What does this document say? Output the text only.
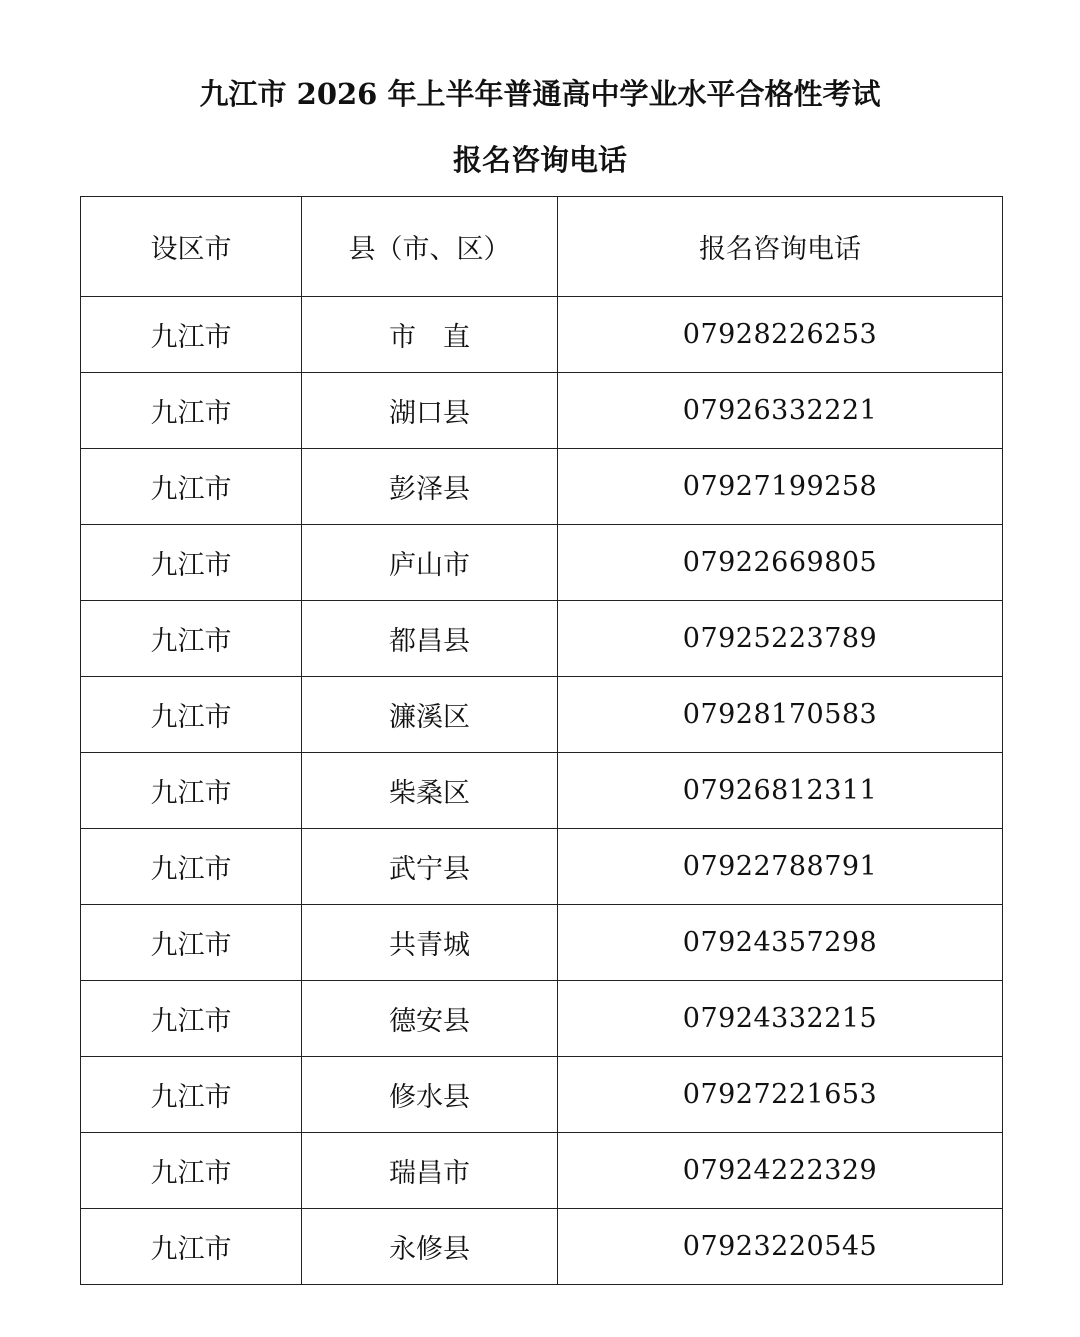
九江市 2026 年上半年普通高中学业水平合格性考试
报名咨询电话
设区市	县（市、区）	报名咨询电话
九江市	市　直	07928226253
九江市	湖口县	07926332221
九江市	彭泽县	07927199258
九江市	庐山市	07922669805
九江市	都昌县	07925223789
九江市	濂溪区	07928170583
九江市	柴桑区	07926812311
九江市	武宁县	07922788791
九江市	共青城	07924357298
九江市	德安县	07924332215
九江市	修水县	07927221653
九江市	瑞昌市	07924222329
九江市	永修县	07923220545
